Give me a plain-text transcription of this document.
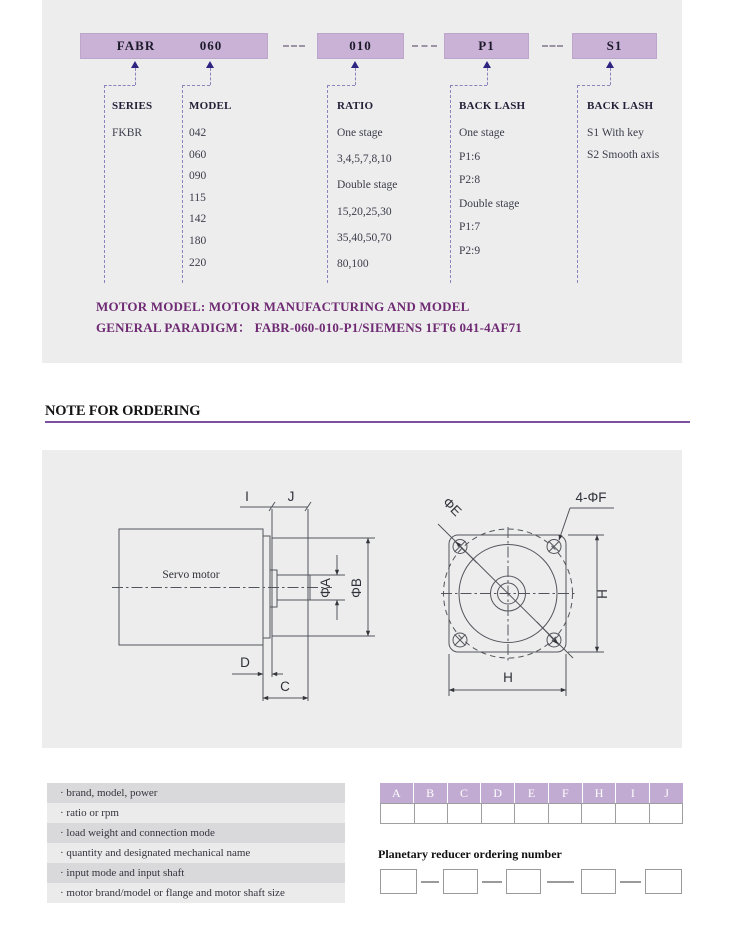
FABR	060	010	P1	S1
SERIES
FKBR
MODEL
042
060
090
115
142
180
220
RATIO
One stage
3,4,5,7,8,10
Double stage
15,20,25,30
35,40,50,70
80,100
BACK LASH
One stage
P1:6
P2:8
Double stage
P1:7
P2:9
BACK LASH
S1 With key
S2 Smooth axis
MOTOR MODEL: MOTOR MANUFACTURING AND MODEL
GENERAL PARADIGM： FABR-060-010-P1/SIEMENS 1FT6 041-4AF71
NOTE FOR ORDERING
Servo motor
I	J
ΦA ΦB
D
C
ΦE	4-ΦF
H
H
· brand, model, power
· ratio or rpm
· load weight and connection mode
· quantity and designated mechanical name
· input mode and input shaft
· motor brand/model or flange and motor shaft size
A	B	C	D	E	F	H	I	J
Planetary reducer ordering number
